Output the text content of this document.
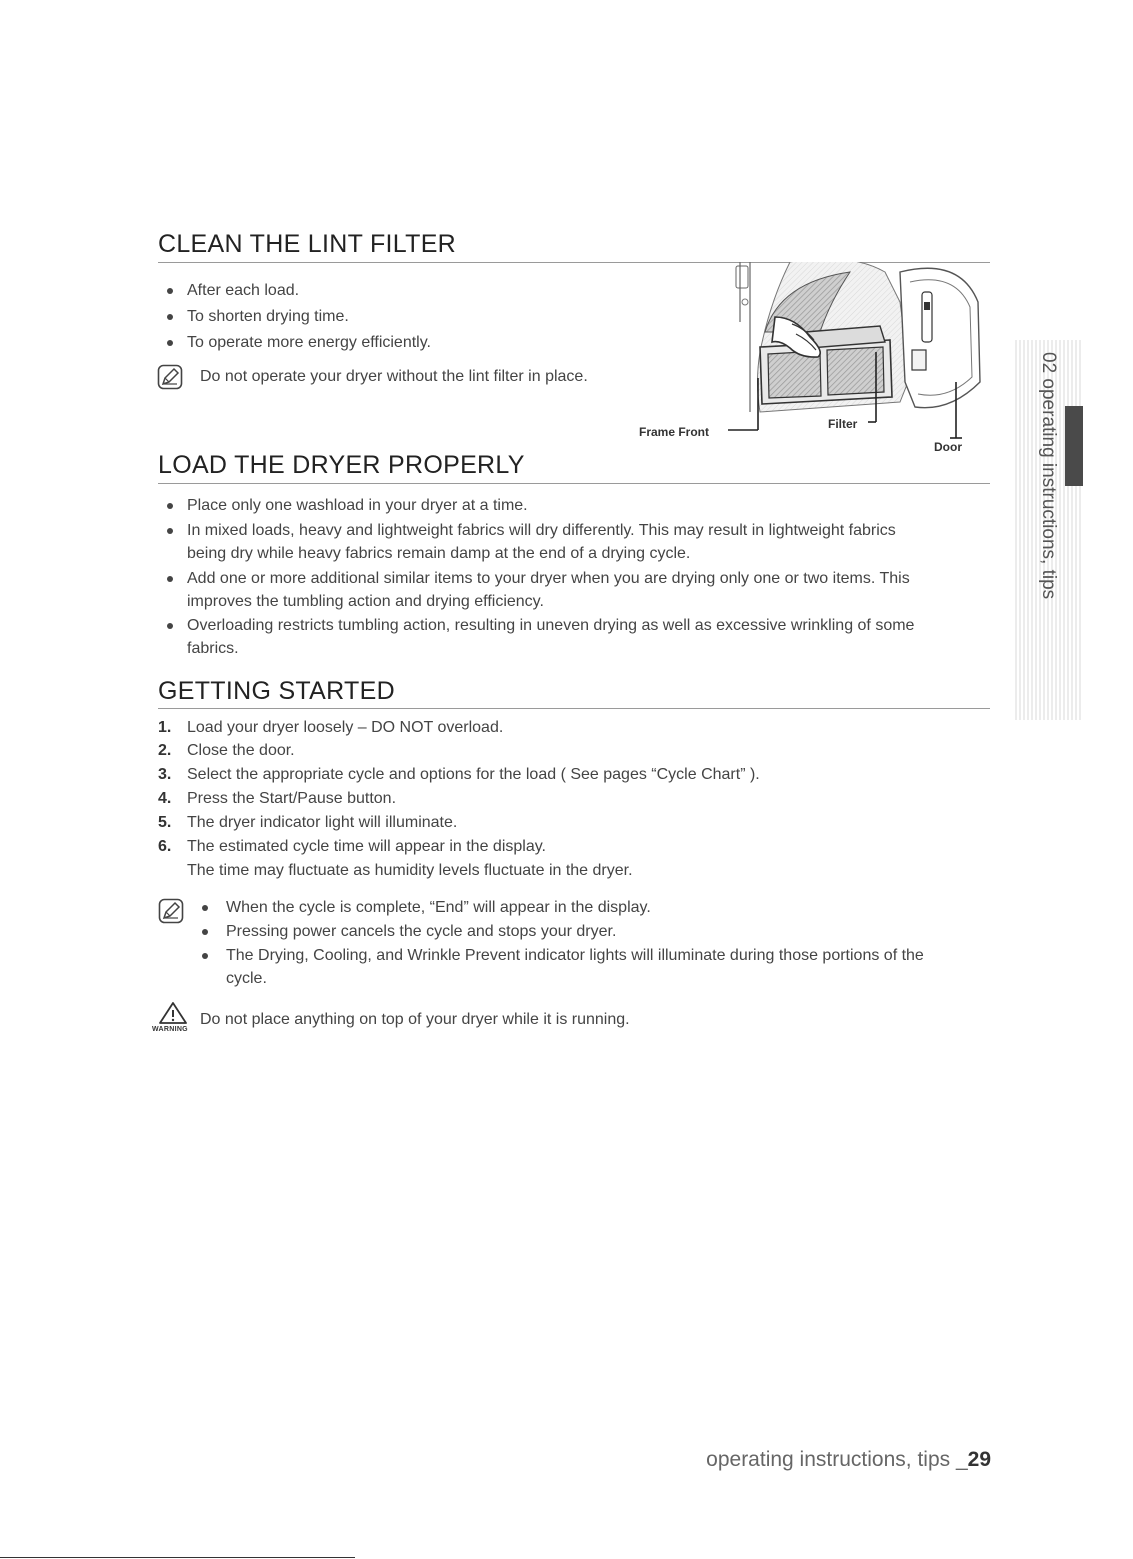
CLEAN THE LINT FILTER
After each load.
To shorten drying time.
To operate more energy efficiently.
Do not operate your dryer without the lint filter in place.
Frame Front
Filter
Door
LOAD THE DRYER PROPERLY
Place only one washload in your dryer at a time.
In mixed loads, heavy and lightweight fabrics will dry differently. This may result in lightweight fabrics
being dry while heavy fabrics remain damp at the end of a drying cycle.
Add one or more additional similar items to your dryer when you are drying only one or two items. This
improves the tumbling action and drying efficiency.
Overloading restricts tumbling action, resulting in uneven drying as well as excessive wrinkling of some
fabrics.
GETTING STARTED
1. Load your dryer loosely – DO NOT overload.
2. Close the door.
3. Select the appropriate cycle and options for the load ( See pages “Cycle Chart” ).
4. Press the Start/Pause button.
5. The dryer indicator light will illuminate.
6. The estimated cycle time will appear in the display.
The time may fluctuate as humidity levels fluctuate in the dryer.
When the cycle is complete, “End” will appear in the display.
Pressing power cancels the cycle and stops your dryer.
The Drying, Cooling, and Wrinkle Prevent indicator lights will illuminate during those portions of the
cycle.
WARNING
Do not place anything on top of your dryer while it is running.
02 operating instructions, tips
operating instructions, tips _29
